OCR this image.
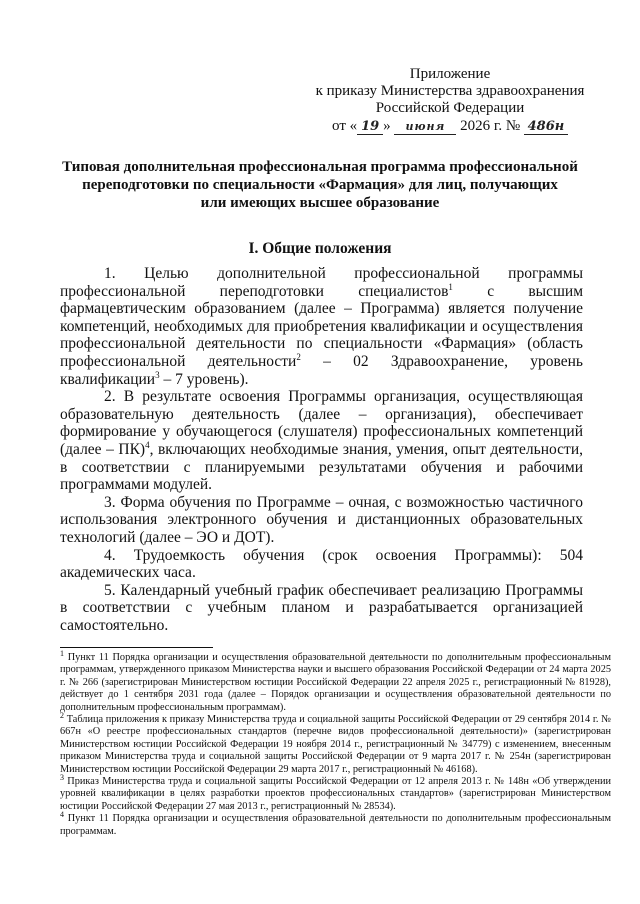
Приложение
к приказу Министерства здравоохранения
Российской Федерации
от « 19 » июня 2026 г. № 486н
Типовая дополнительная профессиональная программа профессиональной
переподготовки по специальности «Фармация» для лиц, получающих
или имеющих высшее образование
I. Общие положения

1. Целью дополнительной профессиональной программы профессиональной переподготовки специалистов$^1$ с высшим фармацевтическим образованием (далее – Программа) является получение компетенций, необходимых для приобретения квалификации и осуществления профессиональной деятельности по специальности «Фармация» (область профессиональной деятельности$^2$ – 02 Здравоохранение, уровень квалификации$^3$ – 7 уровень).

2. В результате освоения Программы организация, осуществляющая образовательную деятельность (далее – организация), обеспечивает формирование у обучающегося (слушателя) профессиональных компетенций (далее – ПК)$^4$, включающих необходимые знания, умения, опыт деятельности, в соответствии с планируемыми результатами обучения и рабочими программами модулей.

3. Форма обучения по Программе – очная, с возможностью частичного использования электронного обучения и дистанционных образовательных технологий (далее – ЭО и ДОТ).

4. Трудоемкость обучения (срок освоения Программы): 504 академических часа.

5. Календарный учебный график обеспечивает реализацию Программы в соответствии с учебным планом и разрабатывается организацией самостоятельно.

$^1$ Пункт 11 Порядка организации и осуществления образовательной деятельности по дополнительным профессиональным программам, утвержденного приказом Министерства науки и высшего образования Российской Федерации от 24 марта 2025 г. № 266 (зарегистрирован Министерством юстиции Российской Федерации 22 апреля 2025 г., регистрационный № 81928), действует до 1 сентября 2031 года (далее – Порядок организации и осуществления образовательной деятельности по дополнительным профессиональным программам).

$^2$ Таблица приложения к приказу Министерства труда и социальной защиты Российской Федерации от 29 сентября 2014 г. № 667н «О реестре профессиональных стандартов (перечне видов профессиональной деятельности)» (зарегистрирован Министерством юстиции Российской Федерации 19 ноября 2014 г., регистрационный № 34779) с изменением, внесенным приказом Министерства труда и социальной защиты Российской Федерации от 9 марта 2017 г. № 254н (зарегистрирован Министерством юстиции Российской Федерации 29 марта 2017 г., регистрационный № 46168).

$^3$ Приказ Министерства труда и социальной защиты Российской Федерации от 12 апреля 2013 г. № 148н «Об утверждении уровней квалификации в целях разработки проектов профессиональных стандартов» (зарегистрирован Министерством юстиции Российской Федерации 27 мая 2013 г., регистрационный № 28534).

$^4$ Пункт 11 Порядка организации и осуществления образовательной деятельности по дополнительным профессиональным программам.
